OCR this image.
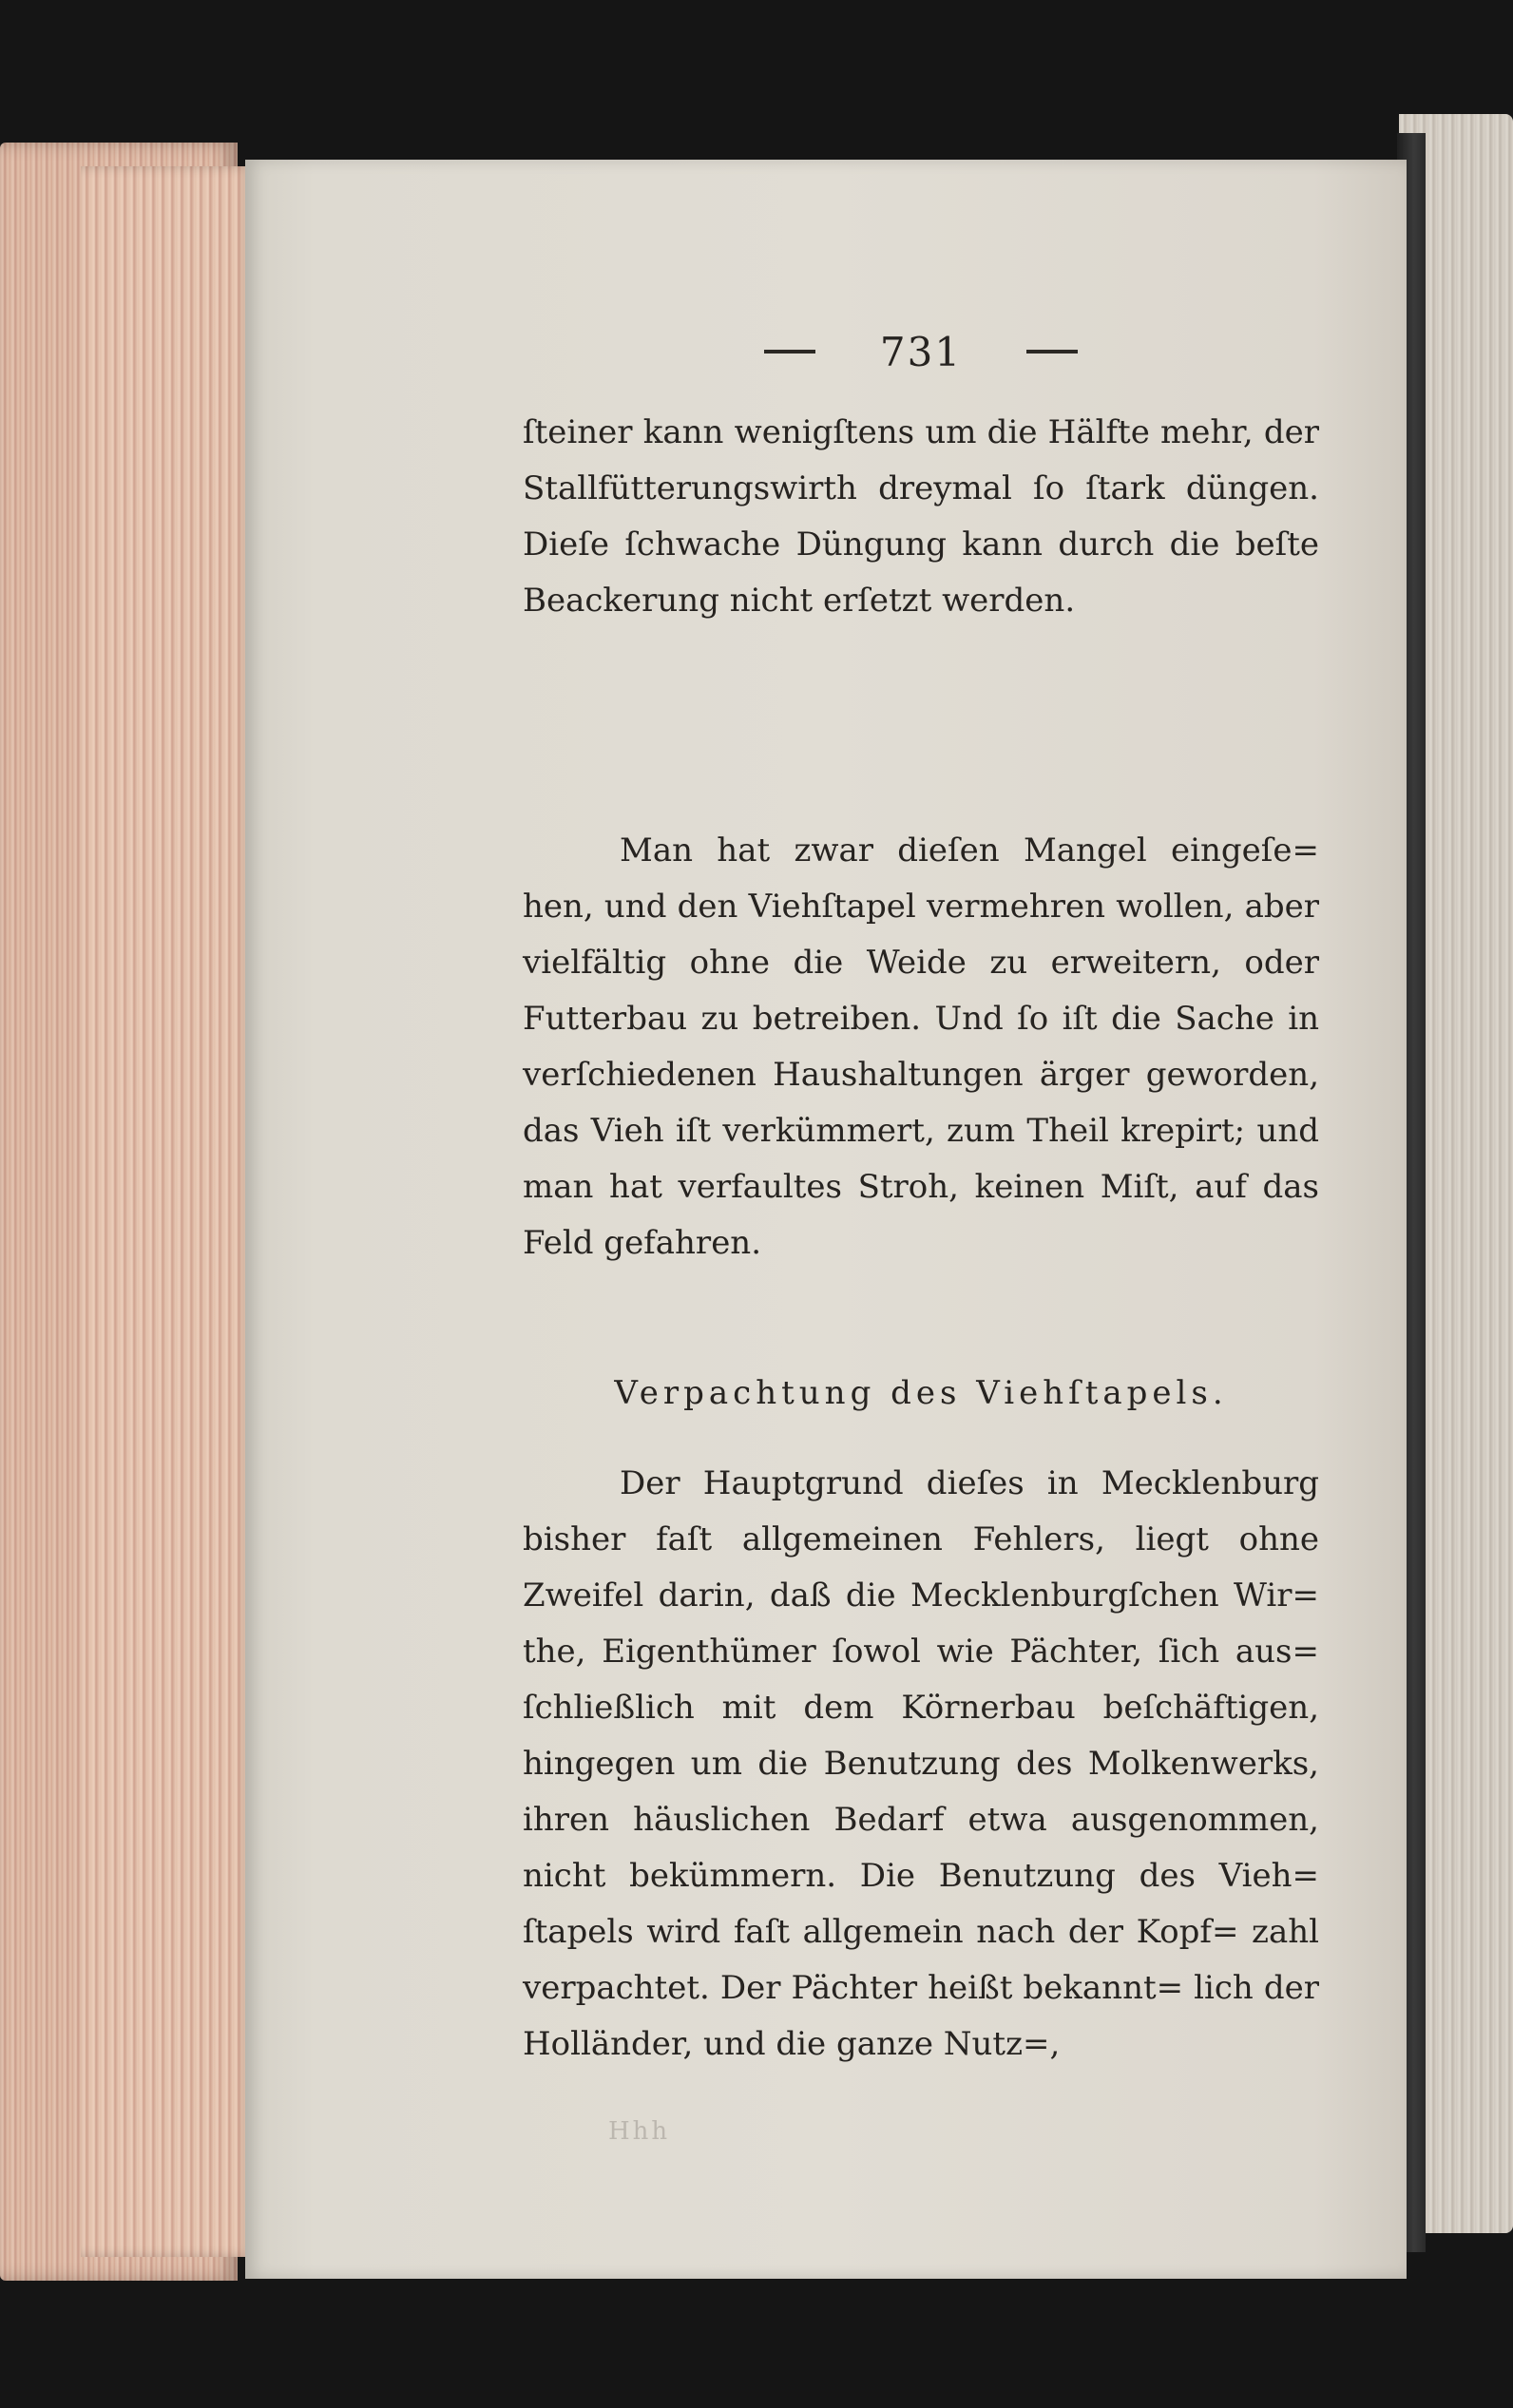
731

ſteiner kann wenigſtens um die Hälfte mehr, der Stallfütterungswirth dreymal ſo ſtark düngen. Dieſe ſchwache Düngung kann durch die beſte Beackerung nicht erſetzt werden.

Man hat zwar dieſen Mangel eingeſe= hen, und den Viehſtapel vermehren wollen, aber vielfältig ohne die Weide zu erweitern, oder Futterbau zu betreiben. Und ſo iſt die Sache in verſchiedenen Haushaltungen ärger geworden, das Vieh iſt verkümmert, zum Theil krepirt; und man hat verfaultes Stroh, keinen Miſt, auf das Feld gefahren.

Verpachtung des Viehſtapels.

Der Hauptgrund dieſes in Mecklenburg bisher faſt allgemeinen Fehlers, liegt ohne Zweifel darin, daß die Mecklenburgſchen Wir= the, Eigenthümer ſowol wie Pächter, ſich aus= ſchließlich mit dem Körnerbau beſchäftigen, hingegen um die Benutzung des Molkenwerks, ihren häuslichen Bedarf etwa ausgenommen, nicht bekümmern. Die Benutzung des Vieh= ſtapels wird faſt allgemein nach der Kopf= zahl verpachtet. Der Pächter heißt bekannt= lich der Holländer, und die ganze Nutz=,

Hhh
